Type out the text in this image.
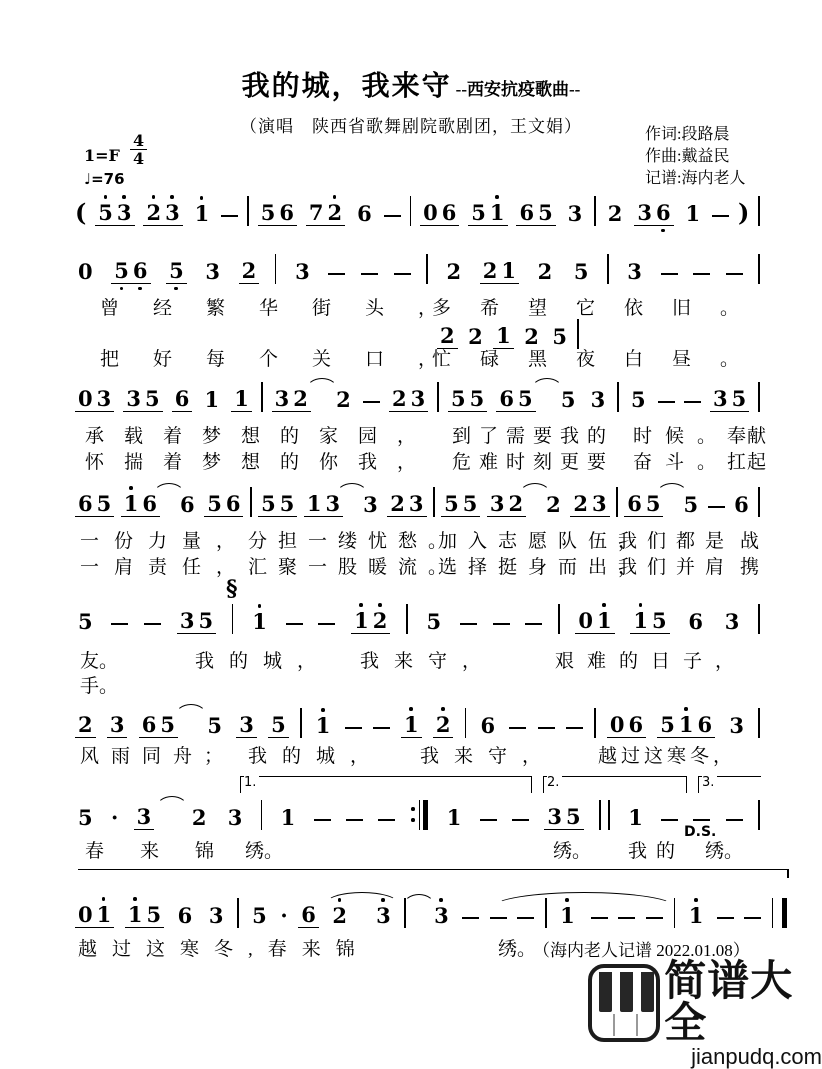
我的城，我来守 --西安抗疫歌曲--
（演唱　陕西省歌舞剧院歌剧团，王文娟）	作词:段路晨
作曲:戴益民
记谱:海内老人
$1=F \frac{4}{4}$
♩=76
( 5 3 2 3 1 5 6 7 2 6 0 6 5 1 6 5 3 2 3 6 1 )
0 5 6 5 3 2 3	2 2 1 2 5 3
2 2 1 2 5
0 3 3 5 6 1 1 3 2 2 2 3 5 5 6 5 5 3 5	3 5
6 5 1 6 6 5 6 5 5 1 3 3 2 3 5 5 3 2 2 2 3 6 5 5 6
5	3 5 1	1 2 5	0 1 1 5 6 3
2 3 6 5 5 3 5 1	1 2 6	0 6 5 1 6 3
5 · 3 2 3 1	1	3 5 1
0 1 1 5 6 3 5 · 6 2 3 3	1	1
§
1.	2.	3.
D.S.
曾经繁华街头，
多希望它依旧。
把好每个关口，
忙碌黑夜白昼。
承载着梦想的家园， 到了需要我的 时候。
奉献
怀揣着梦想的你我， 危难时刻更要 奋斗。
扛起
一份力量，
分担一缕忧愁。
加入志愿队伍，
我们都是 战
一肩责任，
汇聚一股暖流。
选择挺身而出，
我们并肩 携
友。	我的城， 我来守，	艰难的日子，
手。
风雨同舟； 我的城， 我来守， 越过这寒冬，
春来锦
绣。	绣。 我的 绣。
越过这寒冬,春来锦	绣。
（海内老人记谱 2022.01.08）
简谱大全
jianpudq.com
